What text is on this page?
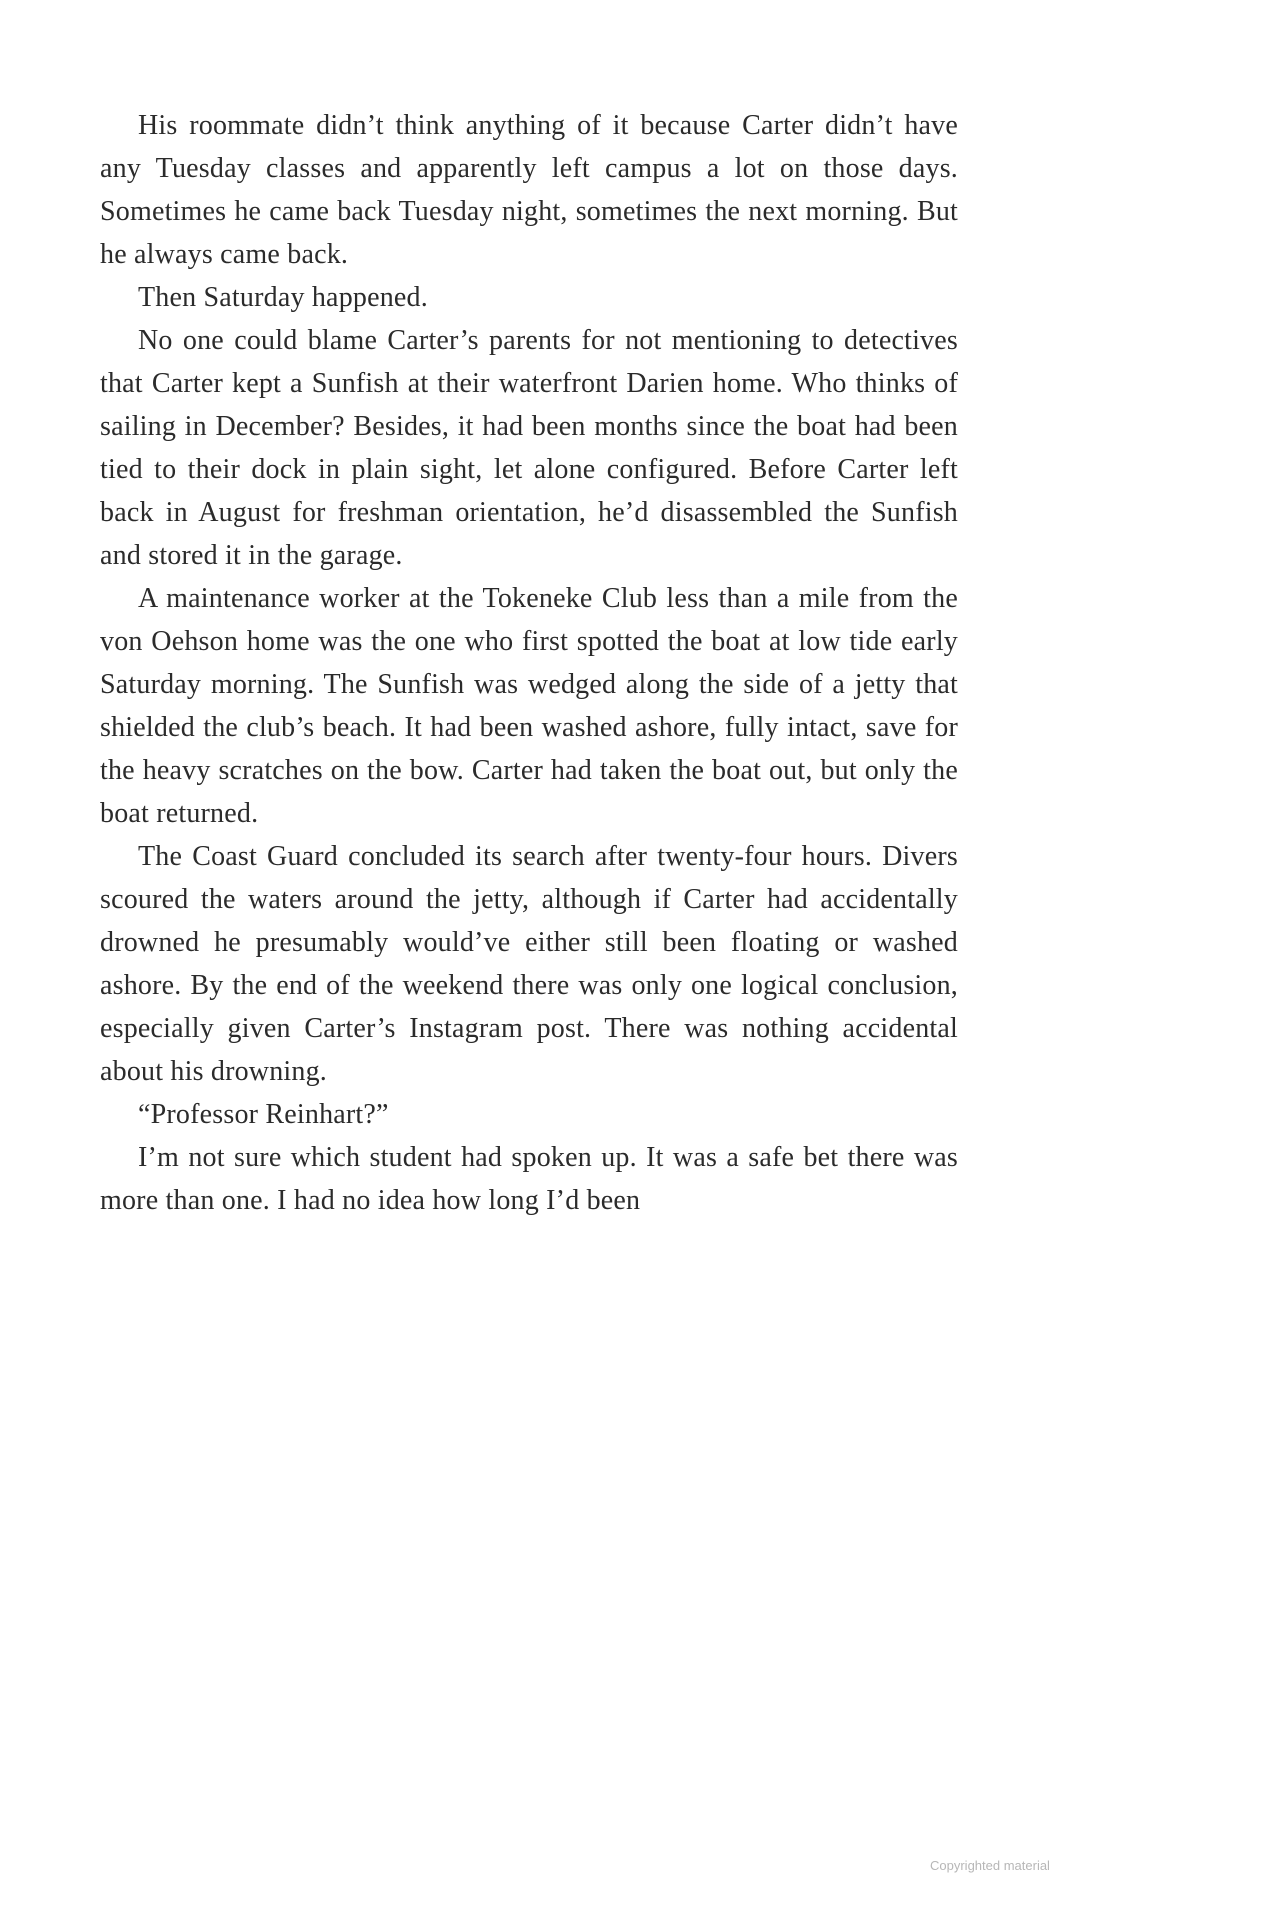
His roommate didn’t think anything of it because Carter didn’t have any Tuesday classes and apparently left campus a lot on those days. Sometimes he came back Tuesday night, sometimes the next morning. But he always came back.

Then Saturday happened.

No one could blame Carter’s parents for not mentioning to detectives that Carter kept a Sunfish at their waterfront Darien home. Who thinks of sailing in December? Besides, it had been months since the boat had been tied to their dock in plain sight, let alone configured. Before Carter left back in August for freshman orientation, he’d disassembled the Sunfish and stored it in the garage.

A maintenance worker at the Tokeneke Club less than a mile from the von Oehson home was the one who first spotted the boat at low tide early Saturday morning. The Sunfish was wedged along the side of a jetty that shielded the club’s beach. It had been washed ashore, fully intact, save for the heavy scratches on the bow. Carter had taken the boat out, but only the boat returned.

The Coast Guard concluded its search after twenty-four hours. Divers scoured the waters around the jetty, although if Carter had accidentally drowned he presumably would’ve either still been floating or washed ashore. By the end of the weekend there was only one logical conclusion, especially given Carter’s Instagram post. There was nothing accidental about his drowning.

“Professor Reinhart?”

I’m not sure which student had spoken up. It was a safe bet there was more than one. I had no idea how long I’d been

Copyrighted material
